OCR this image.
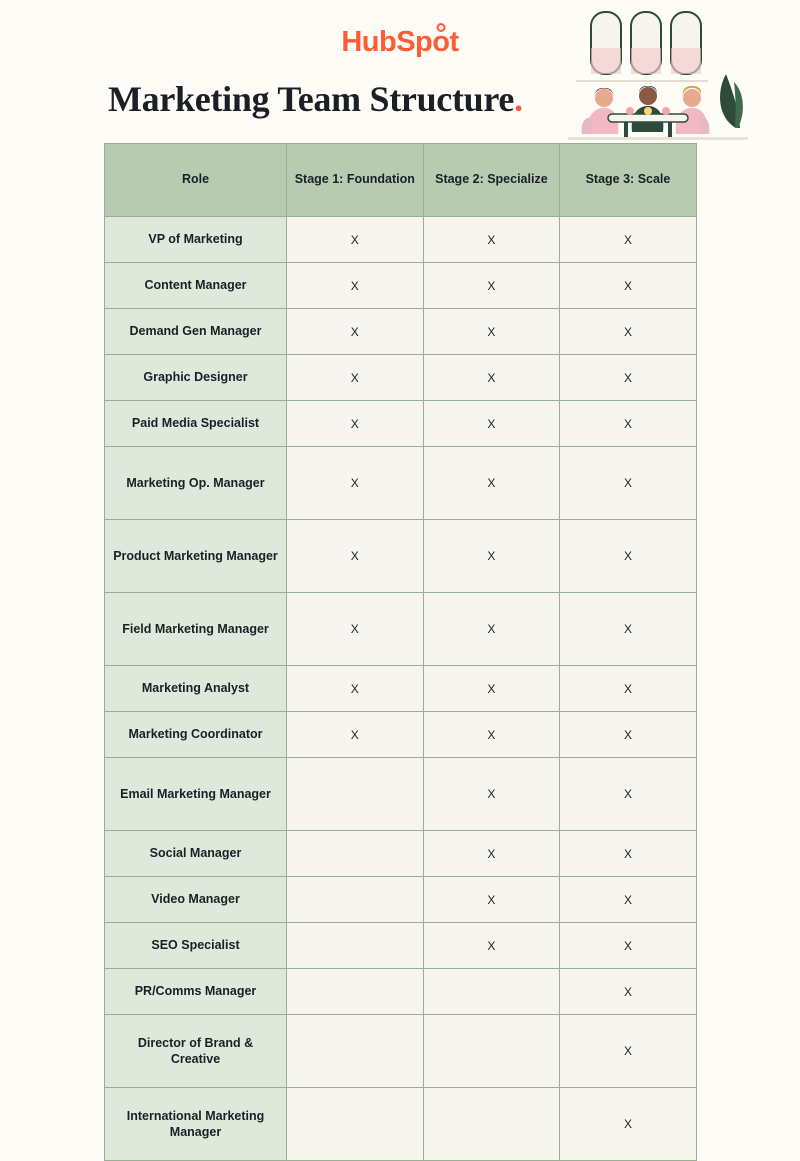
HubSpot
Marketing Team Structure.
Role	Stage 1: Foundation	Stage 2: Specialize	Stage 3: Scale
VP of Marketing	X	X	X
Content Manager	X	X	X
Demand Gen Manager	X	X	X
Graphic Designer	X	X	X
Paid Media Specialist	X	X	X
Marketing Op. Manager	X	X	X
Product Marketing Manager	X	X	X
Field Marketing Manager	X	X	X
Marketing Analyst	X	X	X
Marketing Coordinator	X	X	X
Email Marketing Manager		X	X
Social Manager		X	X
Video Manager		X	X
SEO Specialist		X	X
PR/Comms Manager			X
Director of Brand & Creative			X
International Marketing Manager			X
